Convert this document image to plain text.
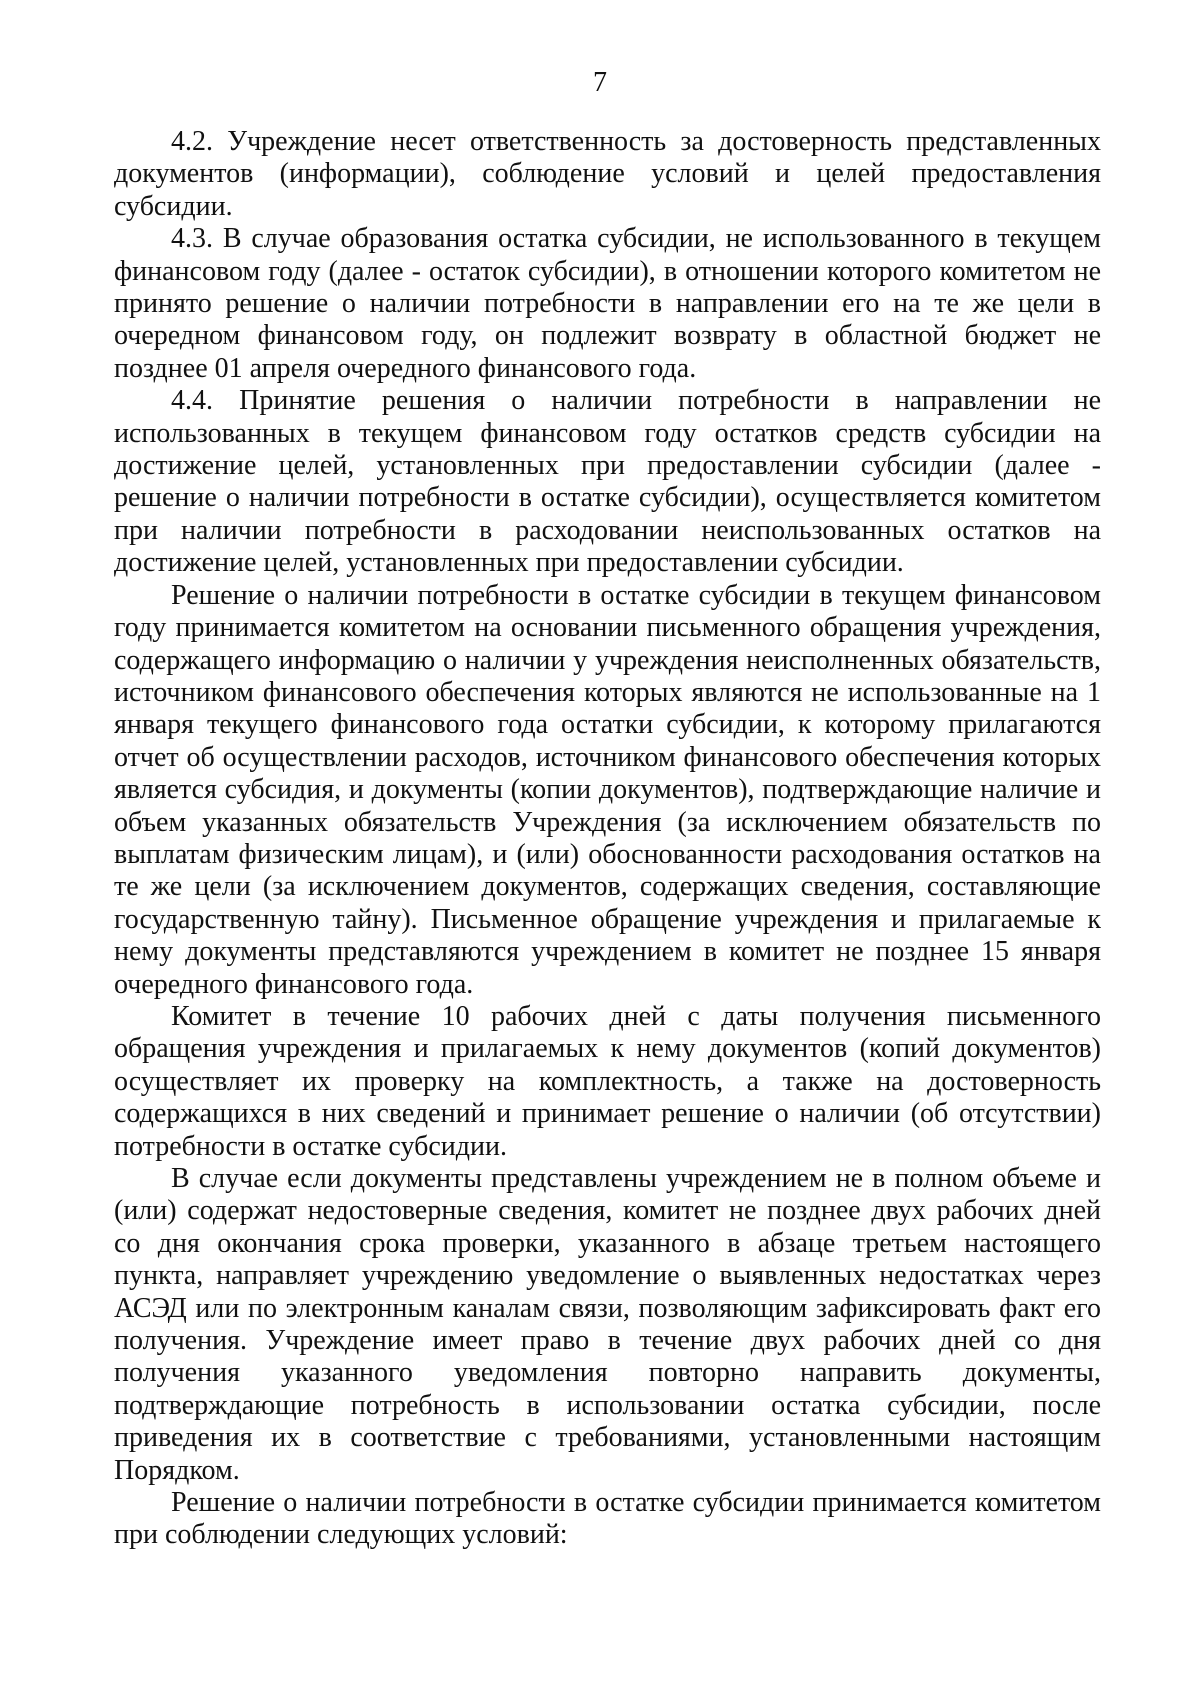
7

4.2. Учреждение несет ответственность за достоверность представленных документов (информации), соблюдение условий и целей предоставления субсидии.

4.3. В случае образования остатка субсидии, не использованного в текущем финансовом году (далее - остаток субсидии), в отношении которого комитетом не принято решение о наличии потребности в направлении его на те же цели в очередном финансовом году, он подлежит возврату в областной бюджет не позднее 01 апреля очередного финансового года.

4.4. Принятие решения о наличии потребности в направлении не использованных в текущем финансовом году остатков средств субсидии на достижение целей, установленных при предоставлении субсидии (далее - решение о наличии потребности в остатке субсидии), осуществляется комитетом при наличии потребности в расходовании неиспользованных остатков на достижение целей, установленных при предоставлении субсидии.

Решение о наличии потребности в остатке субсидии в текущем финансовом году принимается комитетом на основании письменного обращения учреждения, содержащего информацию о наличии у учреждения неисполненных обязательств, источником финансового обеспечения которых являются не использованные на 1 января текущего финансового года остатки субсидии, к которому прилагаются отчет об осуществлении расходов, источником финансового обеспечения которых является субсидия, и документы (копии документов), подтверждающие наличие и объем указанных обязательств Учреждения (за исключением обязательств по выплатам физическим лицам), и (или) обоснованности расходования остатков на те же цели (за исключением документов, содержащих сведения, составляющие государственную тайну). Письменное обращение учреждения и прилагаемые к нему документы представляются учреждением в комитет не позднее 15 января очередного финансового года.

Комитет в течение 10 рабочих дней с даты получения письменного обращения учреждения и прилагаемых к нему документов (копий документов) осуществляет их проверку на комплектность, а также на достоверность содержащихся в них сведений и принимает решение о наличии (об отсутствии) потребности в остатке субсидии.

В случае если документы представлены учреждением не в полном объеме и (или) содержат недостоверные сведения, комитет не позднее двух рабочих дней со дня окончания срока проверки, указанного в абзаце третьем настоящего пункта, направляет учреждению уведомление о выявленных недостатках через АСЭД или по электронным каналам связи, позволяющим зафиксировать факт его получения. Учреждение имеет право в течение двух рабочих дней со дня получения указанного уведомления повторно направить документы, подтверждающие потребность в использовании остатка субсидии, после приведения их в соответствие с требованиями, установленными настоящим Порядком.

Решение о наличии потребности в остатке субсидии принимается комитетом при соблюдении следующих условий:
